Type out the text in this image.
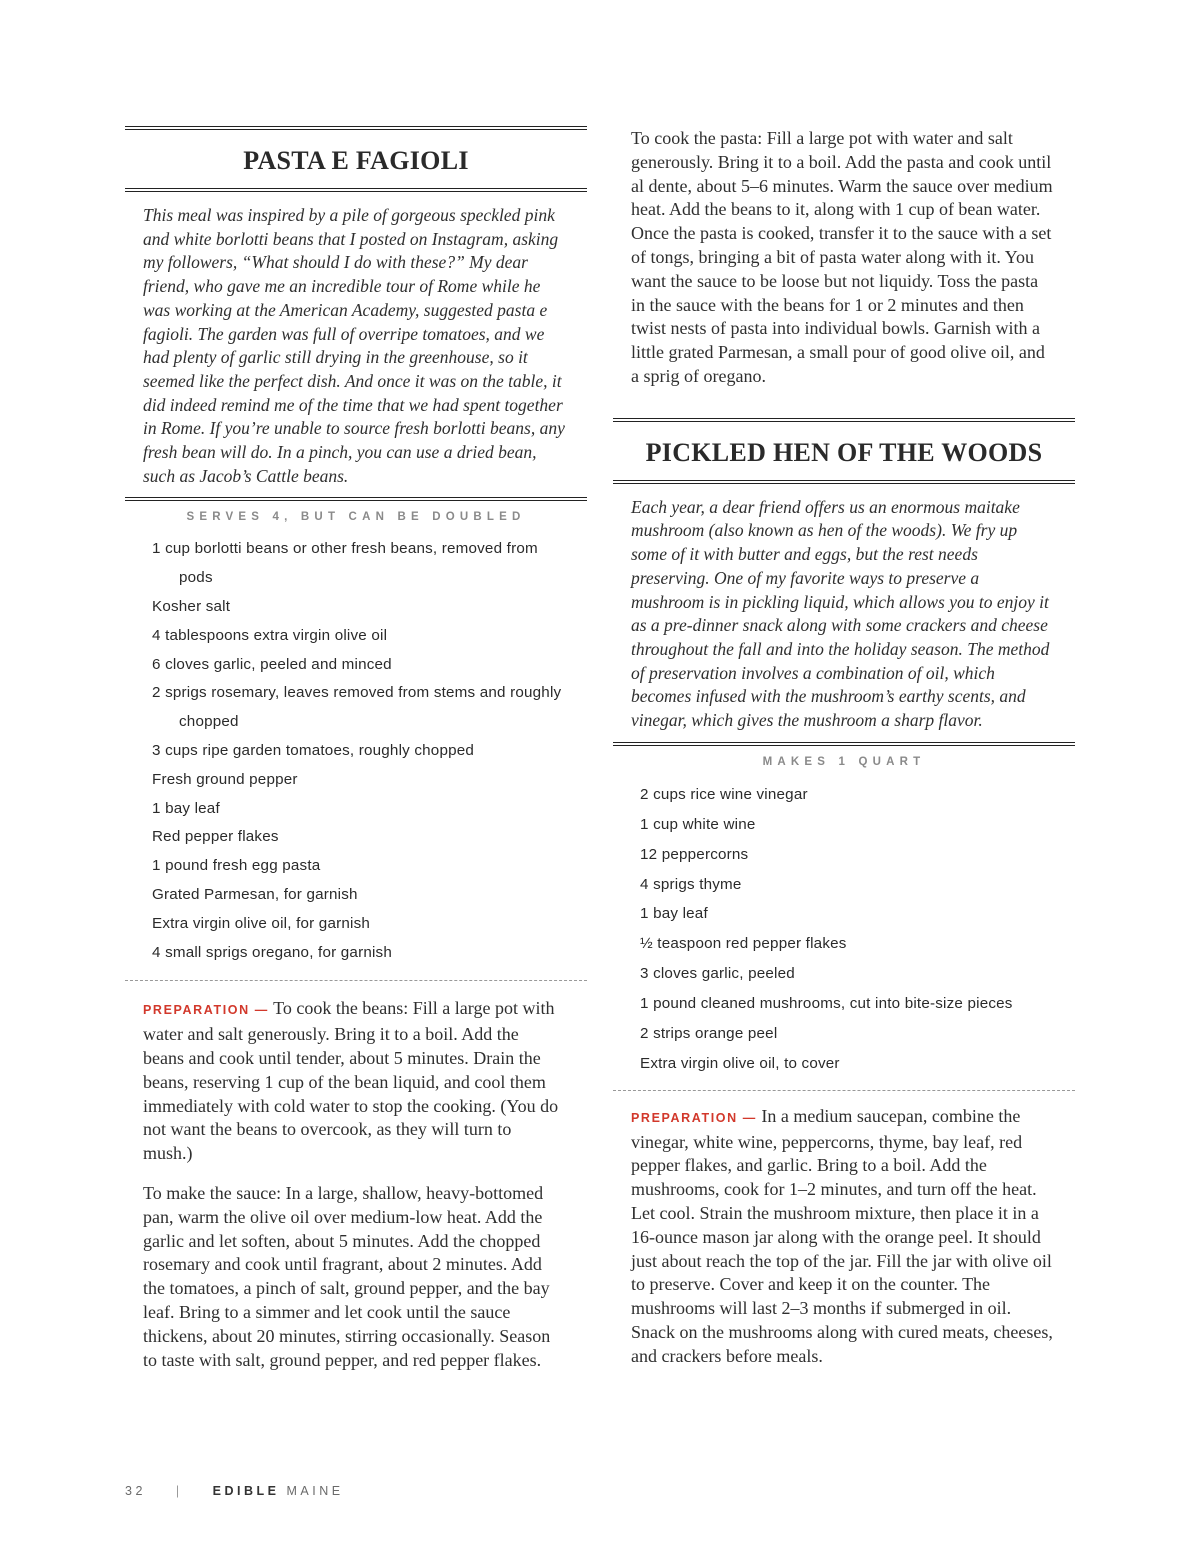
PASTA E FAGIOLI

This meal was inspired by a pile of gorgeous speckled pink and white borlotti beans that I posted on Instagram, asking my followers, “What should I do with these?” My dear friend, who gave me an incredible tour of Rome while he was working at the American Academy, suggested pasta e fagioli. The garden was full of overripe tomatoes, and we had plenty of garlic still drying in the greenhouse, so it seemed like the perfect dish. And once it was on the table, it did indeed remind me of the time that we had spent together in Rome. If you’re unable to source fresh borlotti beans, any fresh bean will do. In a pinch, you can use a dried bean, such as Jacob’s Cattle beans.

SERVES 4, BUT CAN BE DOUBLED
1 cup borlotti beans or other fresh beans, removed from pods
Kosher salt
4 tablespoons extra virgin olive oil
6 cloves garlic, peeled and minced
2 sprigs rosemary, leaves removed from stems and roughly chopped
3 cups ripe garden tomatoes, roughly chopped
Fresh ground pepper
1 bay leaf
Red pepper flakes
1 pound fresh egg pasta
Grated Parmesan, for garnish
Extra virgin olive oil, for garnish
4 small sprigs oregano, for garnish

PREPARATION — To cook the beans: Fill a large pot with water and salt generously. Bring it to a boil. Add the beans and cook until tender, about 5 minutes. Drain the beans, reserving 1 cup of the bean liquid, and cool them immediately with cold water to stop the cooking. (You do not want the beans to overcook, as they will turn to mush.)

To make the sauce: In a large, shallow, heavy-bottomed pan, warm the olive oil over medium-low heat. Add the garlic and let soften, about 5 minutes. Add the chopped rosemary and cook until fragrant, about 2 minutes. Add the tomatoes, a pinch of salt, ground pepper, and the bay leaf. Bring to a simmer and let cook until the sauce thickens, about 20 minutes, stirring occasionally. Season to taste with salt, ground pepper, and red pepper flakes.

To cook the pasta: Fill a large pot with water and salt generously. Bring it to a boil. Add the pasta and cook until al dente, about 5–6 minutes. Warm the sauce over medium heat. Add the beans to it, along with 1 cup of bean water. Once the pasta is cooked, transfer it to the sauce with a set of tongs, bringing a bit of pasta water along with it. You want the sauce to be loose but not liquidy. Toss the pasta in the sauce with the beans for 1 or 2 minutes and then twist nests of pasta into individual bowls. Garnish with a little grated Parmesan, a small pour of good olive oil, and a sprig of oregano.

PICKLED HEN OF THE WOODS

Each year, a dear friend offers us an enormous maitake mushroom (also known as hen of the woods). We fry up some of it with butter and eggs, but the rest needs preserving. One of my favorite ways to preserve a mushroom is in pickling liquid, which allows you to enjoy it as a pre-dinner snack along with some crackers and cheese throughout the fall and into the holiday season. The method of preservation involves a combination of oil, which becomes infused with the mushroom’s earthy scents, and vinegar, which gives the mushroom a sharp flavor.

MAKES 1 QUART
2 cups rice wine vinegar
1 cup white wine
12 peppercorns
4 sprigs thyme
1 bay leaf
½ teaspoon red pepper flakes
3 cloves garlic, peeled
1 pound cleaned mushrooms, cut into bite-size pieces
2 strips orange peel
Extra virgin olive oil, to cover

PREPARATION — In a medium saucepan, combine the vinegar, white wine, peppercorns, thyme, bay leaf, red pepper flakes, and garlic. Bring to a boil. Add the mushrooms, cook for 1–2 minutes, and turn off the heat. Let cool. Strain the mushroom mixture, then place it in a 16-ounce mason jar along with the orange peel. It should just about reach the top of the jar. Fill the jar with olive oil to preserve. Cover and keep it on the counter. The mushrooms will last 2–3 months if submerged in oil. Snack on the mushrooms along with cured meats, cheeses, and crackers before meals.

32 | EDIBLE MAINE
